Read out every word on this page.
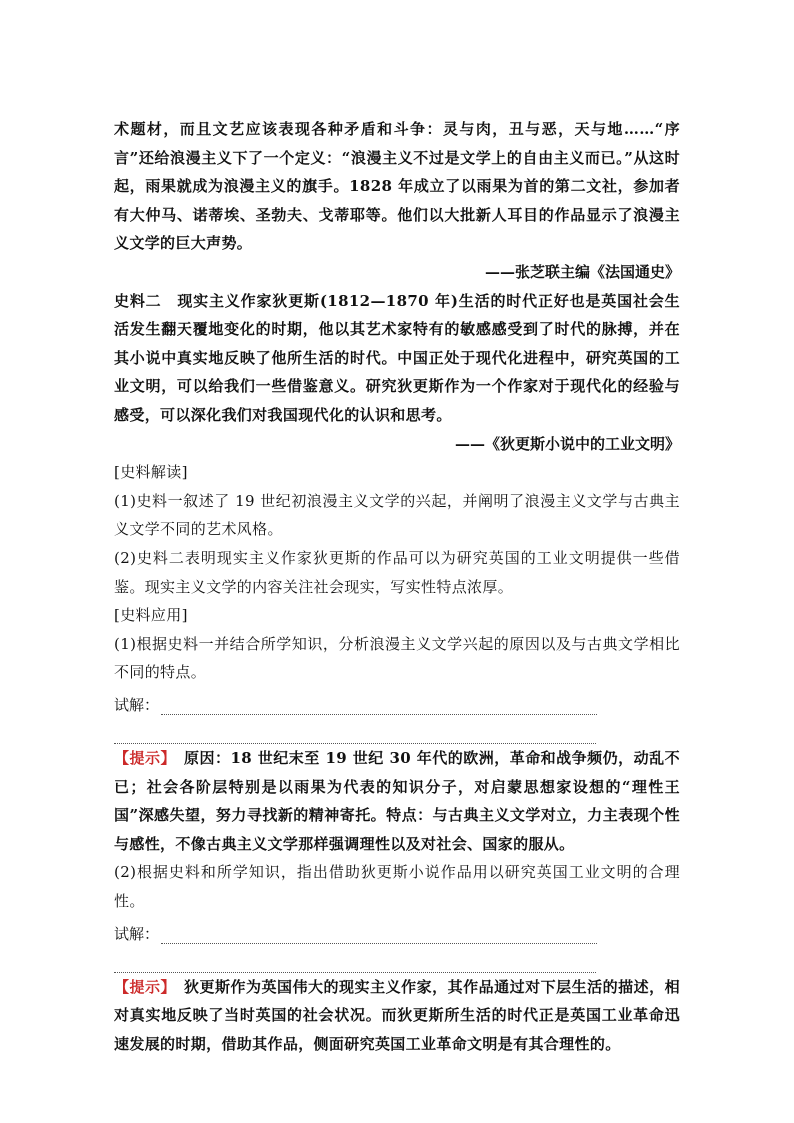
术题材，而且文艺应该表现各种矛盾和斗争：灵与肉，丑与恶，天与地……“序言”还给浪漫主义下了一个定义：“浪漫主义不过是文学上的自由主义而已。”从这时起，雨果就成为浪漫主义的旗手。1828 年成立了以雨果为首的第二文社，参加者有大仲马、诺蒂埃、圣勃夫、戈蒂耶等。他们以大批新人耳目的作品显示了浪漫主义文学的巨大声势。

——张芝联主编《法国通史》

史料二　现实主义作家狄更斯(1812—1870 年)生活的时代正好也是英国社会生活发生翻天覆地变化的时期，他以其艺术家特有的敏感感受到了时代的脉搏，并在其小说中真实地反映了他所生活的时代。中国正处于现代化进程中，研究英国的工业文明，可以给我们一些借鉴意义。研究狄更斯作为一个作家对于现代化的经验与感受，可以深化我们对我国现代化的认识和思考。

——《狄更斯小说中的工业文明》

[史料解读]

(1)史料一叙述了 19 世纪初浪漫主义文学的兴起，并阐明了浪漫主义文学与古典主义文学不同的艺术风格。

(2)史料二表明现实主义作家狄更斯的作品可以为研究英国的工业文明提供一些借鉴。现实主义文学的内容关注社会现实，写实性特点浓厚。

[史料应用]

(1)根据史料一并结合所学知识，分析浪漫主义文学兴起的原因以及与古典文学相比不同的特点。

试解：

【提示】　原因：18 世纪末至 19 世纪 30 年代的欧洲，革命和战争频仍，动乱不已；社会各阶层特别是以雨果为代表的知识分子，对启蒙思想家设想的“理性王国”深感失望，努力寻找新的精神寄托。特点：与古典主义文学对立，力主表现个性与感性，不像古典主义文学那样强调理性以及对社会、国家的服从。

(2)根据史料和所学知识，指出借助狄更斯小说作品用以研究英国工业文明的合理性。

试解：

【提示】　狄更斯作为英国伟大的现实主义作家，其作品通过对下层生活的描述，相对真实地反映了当时英国的社会状况。而狄更斯所生活的时代正是英国工业革命迅速发展的时期，借助其作品，侧面研究英国工业革命文明是有其合理性的。
